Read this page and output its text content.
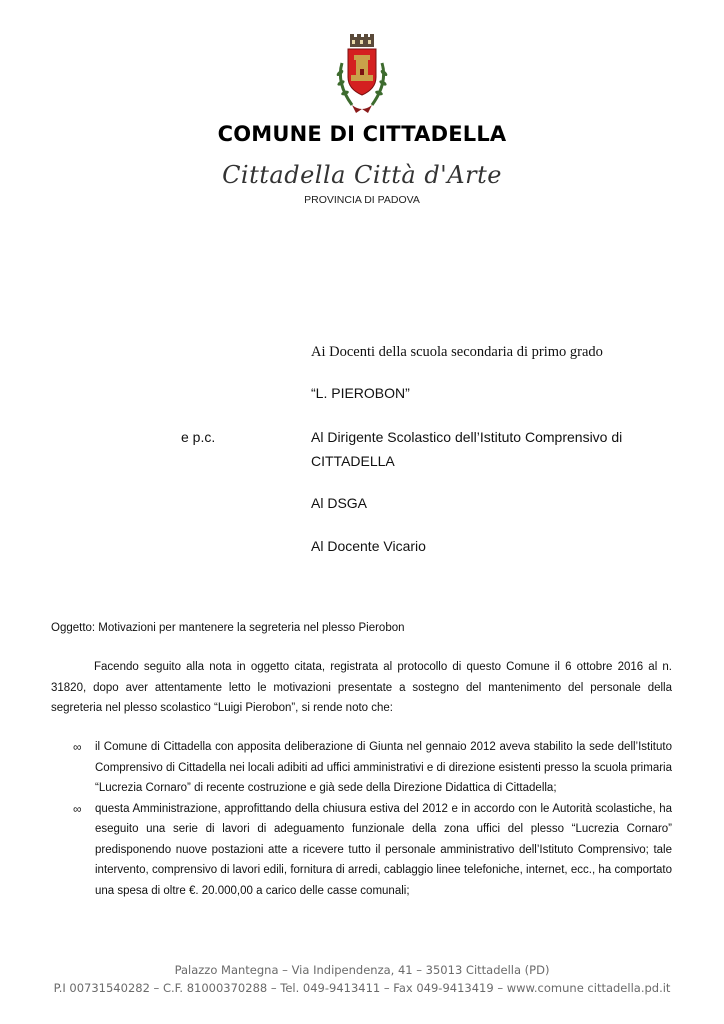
COMUNE DI CITTADELLA
Cittadella Città d'Arte
PROVINCIA DI PADOVA
Ai Docenti della scuola secondaria di primo grado
“L. PIEROBON”
e p.c.	Al Dirigente Scolastico dell’Istituto Comprensivo di
CITTADELLA
Al DSGA
Al Docente Vicario
Oggetto: Motivazioni per mantenere la segreteria nel plesso Pierobon
Facendo seguito alla nota in oggetto citata, registrata al protocollo di questo Comune il 6 ottobre 2016 al n. 31820, dopo aver attentamente letto le motivazioni presentate a sostegno del mantenimento del personale della segreteria nel plesso scolastico “Luigi Pierobon”, si rende noto che:
∞ il Comune di Cittadella con apposita deliberazione di Giunta nel gennaio 2012 aveva stabilito la sede dell’Istituto Comprensivo di Cittadella nei locali adibiti ad uffici amministrativi e di direzione esistenti presso la scuola primaria “Lucrezia Cornaro” di recente costruzione e già sede della Direzione Didattica di Cittadella;
∞ questa Amministrazione, approfittando della chiusura estiva del 2012 e in accordo con le Autorità scolastiche, ha eseguito una serie di lavori di adeguamento funzionale della zona uffici del plesso “Lucrezia Cornaro” predisponendo nuove postazioni atte a ricevere tutto il personale amministrativo dell’Istituto Comprensivo; tale intervento, comprensivo di lavori edili, fornitura di arredi, cablaggio linee telefoniche, internet, ecc., ha comportato una spesa di oltre €. 20.000,00 a carico delle casse comunali;
Palazzo Mantegna – Via Indipendenza, 41 – 35013 Cittadella (PD)
P.I 00731540282 – C.F. 81000370288 – Tel. 049-9413411 – Fax 049-9413419 – www.comune cittadella.pd.it
